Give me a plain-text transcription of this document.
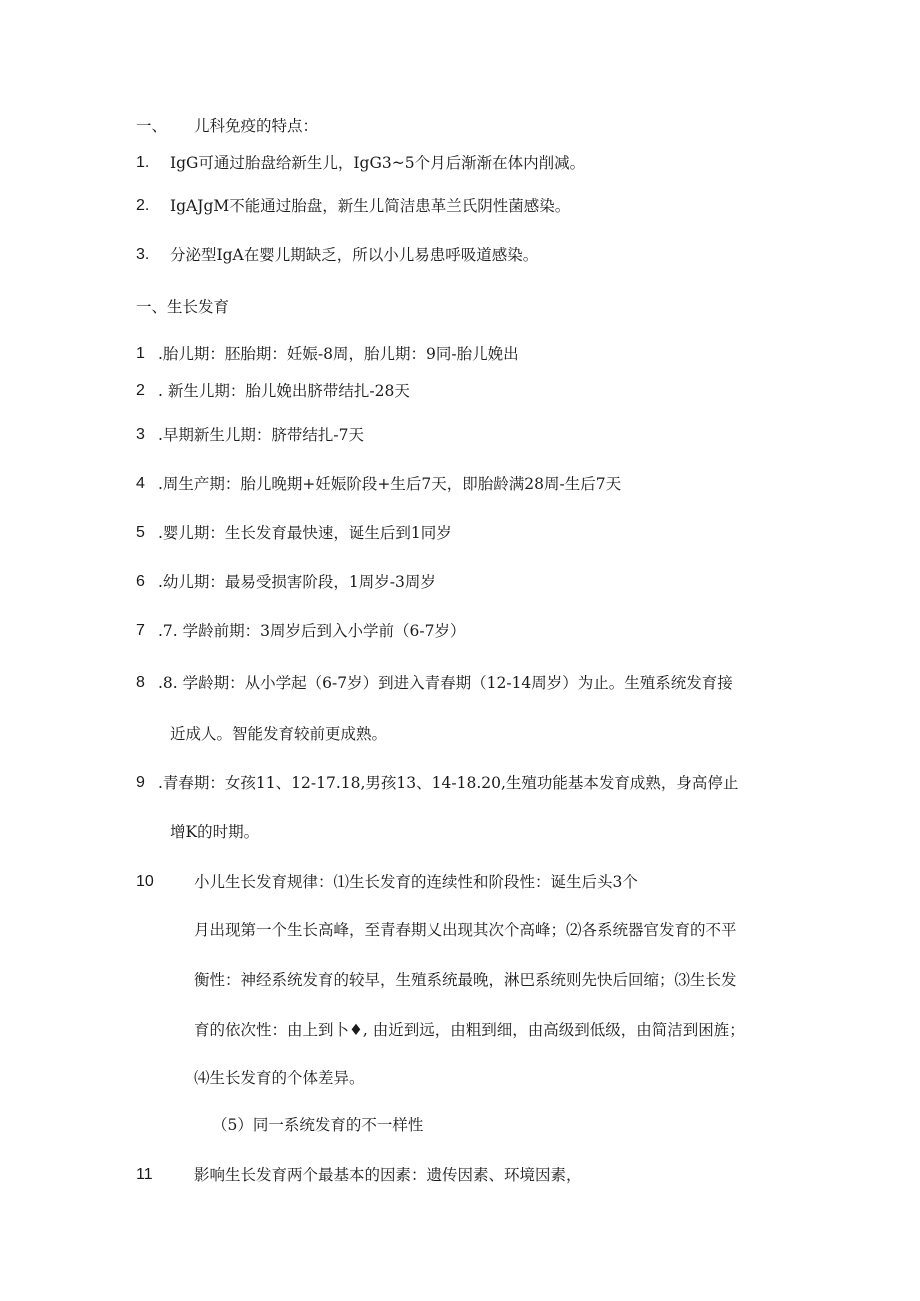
一、 儿科免疫的特点：
1. IgG可通过胎盘给新生儿，IgG3~5个月后渐渐在体内削减。
2. IgAJgM不能通过胎盘，新生儿简洁患革兰氏阴性菌感染。
3. 分泌型IgA在婴儿期缺乏，所以小儿易患呼吸道感染。
一、生长发育
1 .胎儿期：胚胎期：妊娠-8周，胎儿期：9同-胎儿娩出
2 . 新生儿期：胎儿娩出脐带结扎-28天
3 .早期新生儿期：脐带结扎-7天
4 .周生产期：胎儿晚期+妊娠阶段+生后7天，即胎龄满28周-生后7天
5 .婴儿期：生长发育最快速，诞生后到1同岁
6 .幼儿期：最易受损害阶段，1周岁-3周岁
7 .7. 学龄前期：3周岁后到入小学前（6-7岁）
8 .8. 学龄期：从小学起（6-7岁）到进入青春期（12-14周岁）为止。生殖系统发育接
近成人。智能发育较前更成熟。
9 .青春期：女孩11、12-17.18,男孩13、14-18.20,生殖功能基本发育成熟，身高停止
增K的时期。
10	小儿生长发育规律：⑴生长发育的连续性和阶段性：诞生后头3个
月出现第一个生长高峰，至青春期乂出现其次个高峰；⑵各系统器官发育的不平
衡性：神经系统发育的较早，生殖系统最晚，淋巴系统则先快后回缩；⑶生长发
育的依次性：由上到卜♦, 由近到远，由粗到细，由高级到低级，由简洁到困旌；
⑷生长发育的个体差异。
（5）同一系统发育的不一样性
11	影响生长发育两个最基本的因素：遗传因素、环境因素，
